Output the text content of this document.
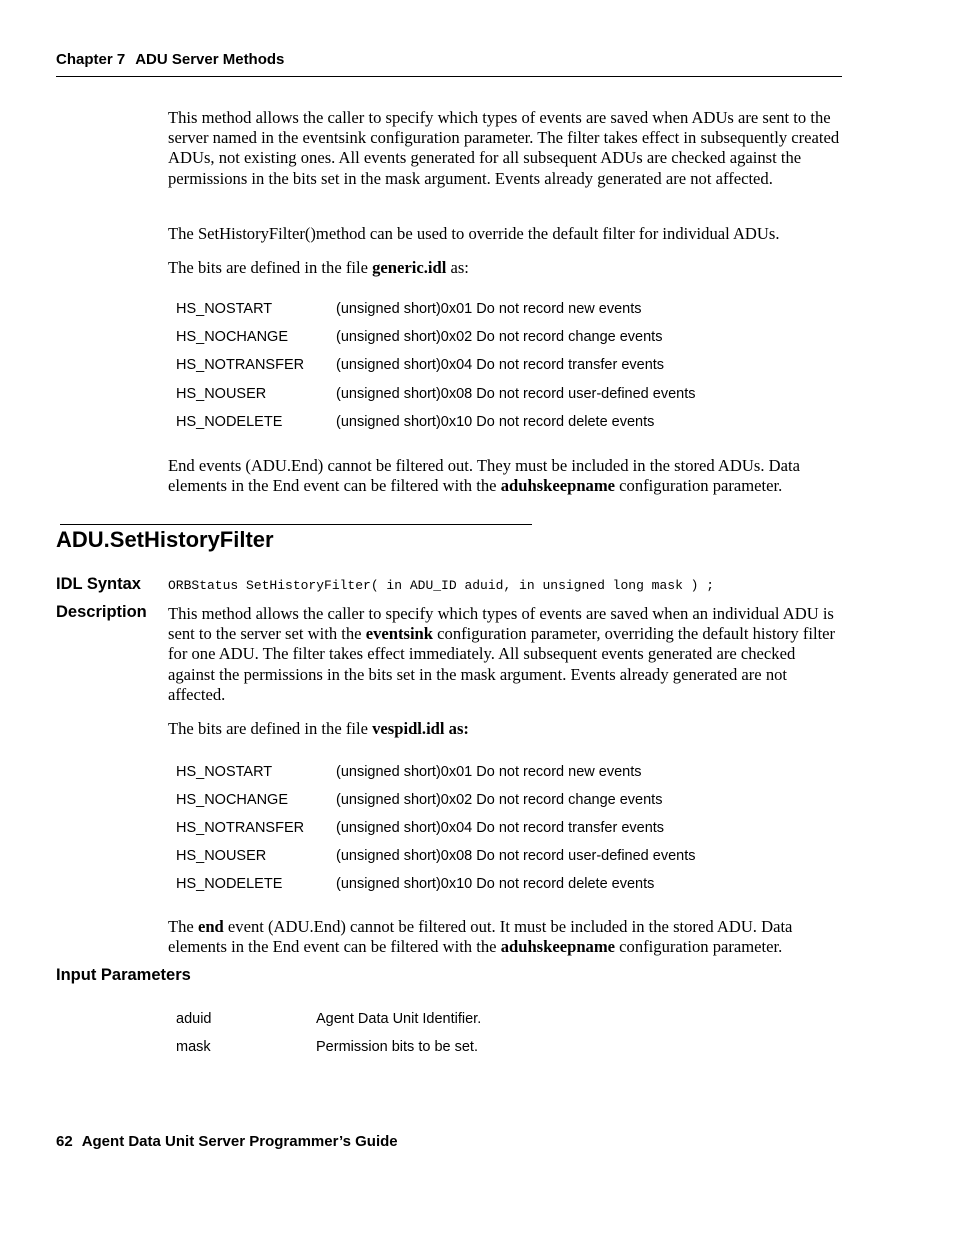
Chapter 7 ADU Server Methods
This method allows the caller to specify which types of events are saved when ADUs are sent to the server named in the eventsink configuration parameter. The filter takes effect in subsequently created ADUs, not existing ones. All events generated for all subsequent ADUs are checked against the permissions in the bits set in the mask argument. Events already generated are not affected.
The SetHistoryFilter()method can be used to override the default filter for individual ADUs.
The bits are defined in the file generic.idl as:
HS_NOSTART	(unsigned short)0x01 Do not record new events
HS_NOCHANGE	(unsigned short)0x02 Do not record change events
HS_NOTRANSFER (unsigned short)0x04 Do not record transfer events
HS_NOUSER	(unsigned short)0x08 Do not record user-defined events
HS_NODELETE	(unsigned short)0x10 Do not record delete events
End events (ADU.End) cannot be filtered out. They must be included in the stored ADUs. Data elements in the End event can be filtered with the aduhskeepname configuration parameter.
ADU.SetHistoryFilter
IDL Syntax ORBStatus SetHistoryFilter( in ADU_ID aduid, in unsigned long mask ) ;
Description This method allows the caller to specify which types of events are saved when an individual ADU is sent to the server set with the eventsink configuration parameter, overriding the default history filter for one ADU. The filter takes effect immediately. All subsequent events generated are checked against the permissions in the bits set in the mask argument. Events already generated are not affected.
The bits are defined in the file vespidl.idl as:
HS_NOSTART	(unsigned short)0x01 Do not record new events
HS_NOCHANGE	(unsigned short)0x02 Do not record change events
HS_NOTRANSFER (unsigned short)0x04 Do not record transfer events
HS_NOUSER	(unsigned short)0x08 Do not record user-defined events
HS_NODELETE	(unsigned short)0x10 Do not record delete events
The end event (ADU.End) cannot be filtered out. It must be included in the stored ADU. Data elements in the End event can be filtered with the aduhskeepname configuration parameter.
Input Parameters
aduid	Agent Data Unit Identifier.
mask	Permission bits to be set.
62 Agent Data Unit Server Programmer’s Guide
